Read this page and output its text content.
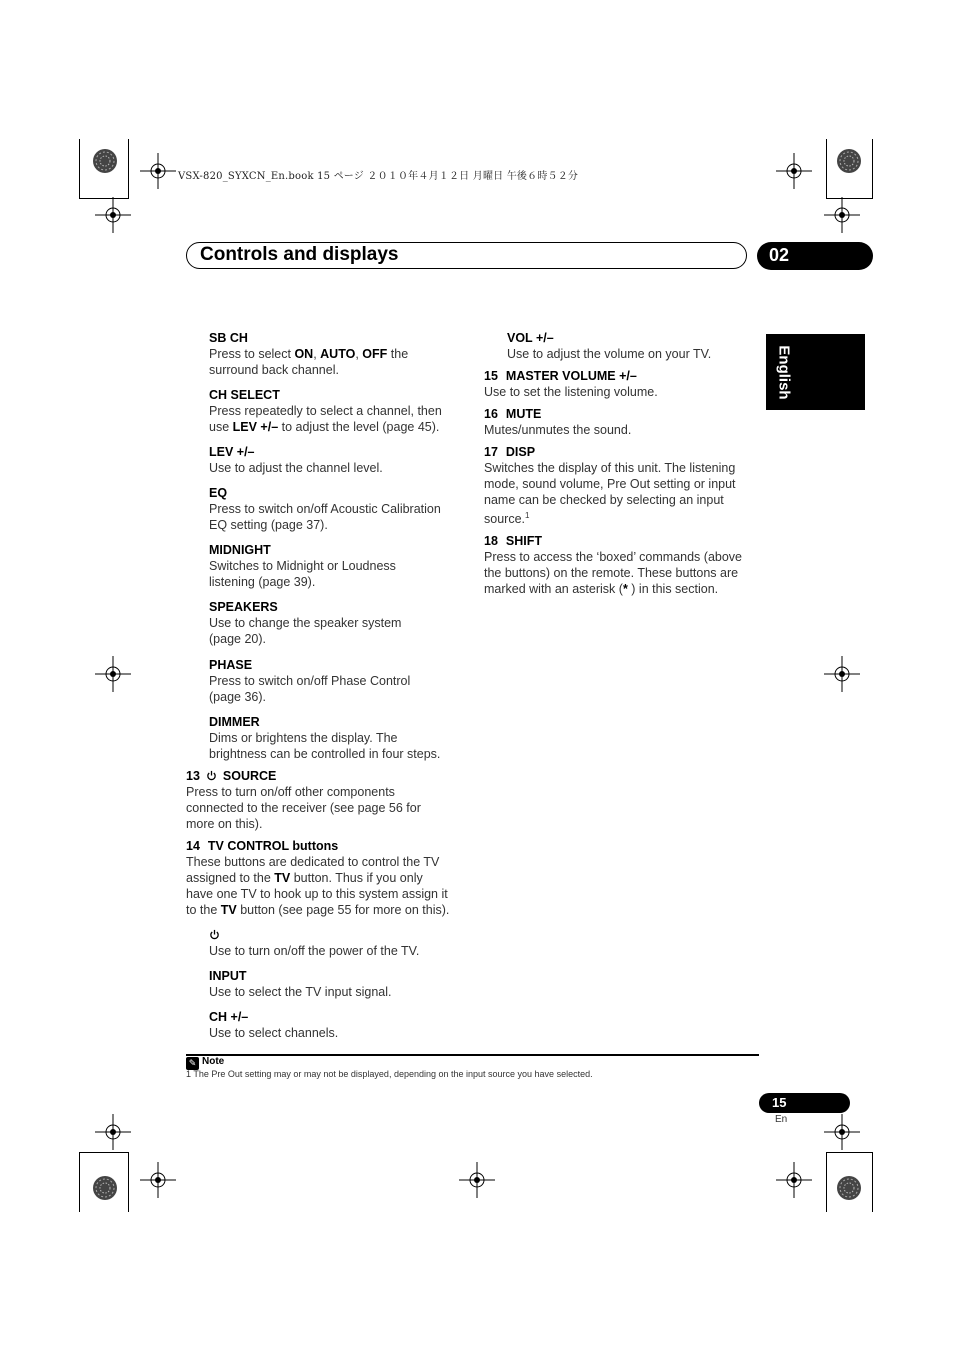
VSX-820_SYXCN_En.book 15 ページ ２０１０年４月１２日 月曜日 午後６時５２分
Controls and displays	02
English
SB CH
Press to select ON, AUTO, OFF the
surround back channel.
CH SELECT
Press repeatedly to select a channel, then
use LEV +/– to adjust the level (page 45).
LEV +/–
Use to adjust the channel level.
EQ
Press to switch on/off Acoustic Calibration
EQ setting (page 37).
MIDNIGHT
Switches to Midnight or Loudness
listening (page 39).
SPEAKERS
Use to change the speaker system
(page 20).
PHASE
Press to switch on/off Phase Control
(page 36).
DIMMER
Dims or brightens the display. The
brightness can be controlled in four steps.
13 SOURCE
Press to turn on/off other components
connected to the receiver (see page 56 for
more on this).
14 TV CONTROL buttons
These buttons are dedicated to control the TV
assigned to the TV button. Thus if you only
have one TV to hook up to this system assign it
to the TV button (see page 55 for more on this).
Use to turn on/off the power of the TV.
INPUT
Use to select the TV input signal.
CH +/–
Use to select channels.
VOL +/–
Use to adjust the volume on your TV.
15 MASTER VOLUME +/–
Use to set the listening volume.
16 MUTE
Mutes/unmutes the sound.
17 DISP
Switches the display of this unit. The listening
mode, sound volume, Pre Out setting or input
name can be checked by selecting an input
source.$^1$
18 SHIFT
Press to access the ‘boxed’ commands (above
the buttons) on the remote. These buttons are
marked with an asterisk (* ) in this section.
✎ Note
1 The Pre Out setting may or may not be displayed, depending on the input source you have selected.
15
En
